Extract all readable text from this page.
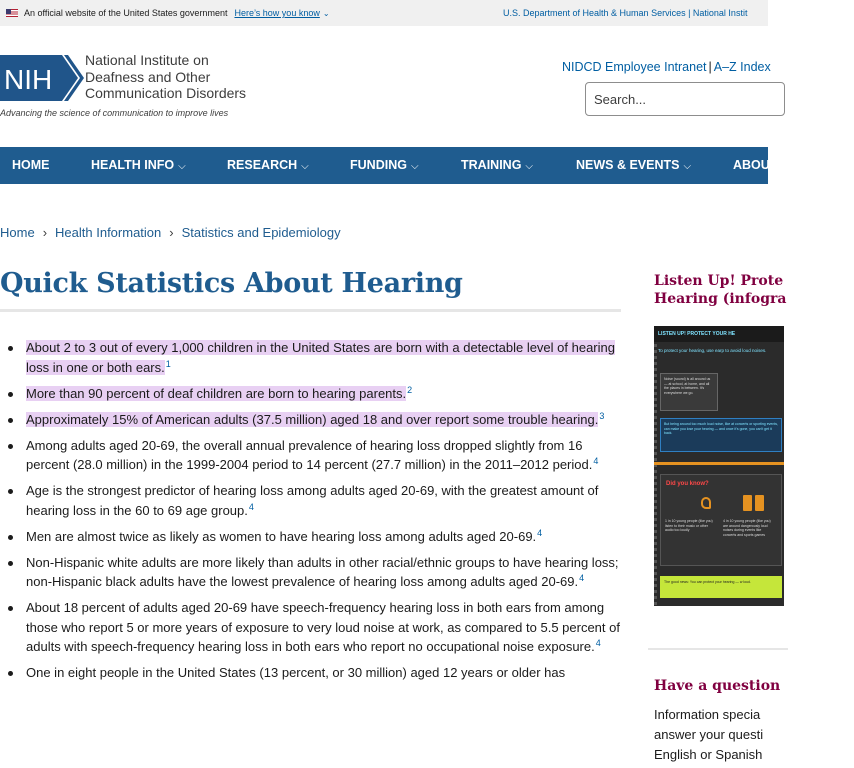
An official website of the United States government Here’s how you know ⌄	U.S. Department of Health & Human Services | National Instit
NIH
National Institute on
Deafness and Other
Communication Disorders
Advancing the science of communication to improve lives
NIDCD Employee Intranet | A–Z Index
Search...
HOME	HEALTH INFO ⌵	RESEARCH ⌵	FUNDING ⌵	TRAINING ⌵	NEWS & EVENTS ⌵	ABOU
Home › Health Information › Statistics and Epidemiology
Quick Statistics About Hearing
About 2 to 3 out of every 1,000 children in the United States are born with a detectable level of hearing loss in one or both ears.$^1$
More than 90 percent of deaf children are born to hearing parents.$^2$
Approximately 15% of American adults (37.5 million) aged 18 and over report some trouble hearing.$^3$
Among adults aged 20-69, the overall annual prevalence of hearing loss dropped slightly from 16 percent (28.0 million) in the 1999-2004 period to 14 percent (27.7 million) in the 2011–2012 period.$^4$
Age is the strongest predictor of hearing loss among adults aged 20-69, with the greatest amount of hearing loss in the 60 to 69 age group.$^4$
Men are almost twice as likely as women to have hearing loss among adults aged 20-69.$^4$
Non-Hispanic white adults are more likely than adults in other racial/ethnic groups to have hearing loss; non-Hispanic black adults have the lowest prevalence of hearing loss among adults aged 20-69.$^4$
About 18 percent of adults aged 20-69 have speech-frequency hearing loss in both ears from among those who report 5 or more years of exposure to very loud noise at work, as compared to 5.5 percent of adults with speech-frequency hearing loss in both ears who report no occupational noise exposure.$^4$
One in eight people in the United States (13 percent, or 30 million) aged 12 years or older has
Listen Up! Prote
Hearing (infogra
LISTEN UP! PROTECT YOUR HE
To protect your hearing, use earp to avoid loud noises.
Noise (sound) is all around us — at school, at home, and all the places in between. It's everywhere we go.
But being around too much loud noise, like at concerts or sporting events, can make you lose your hearing — and once it's gone, you can't get it back.
Did you know?
1 in 10 young people (like you) listen to their music or other audio too loudly
4 in 10 young people (like you) are around dangerously loud noises during events like concerts and sports games
The good news: You can protect your hearing — w loud.
Have a question
Information specia
answer your questi
English or Spanish
